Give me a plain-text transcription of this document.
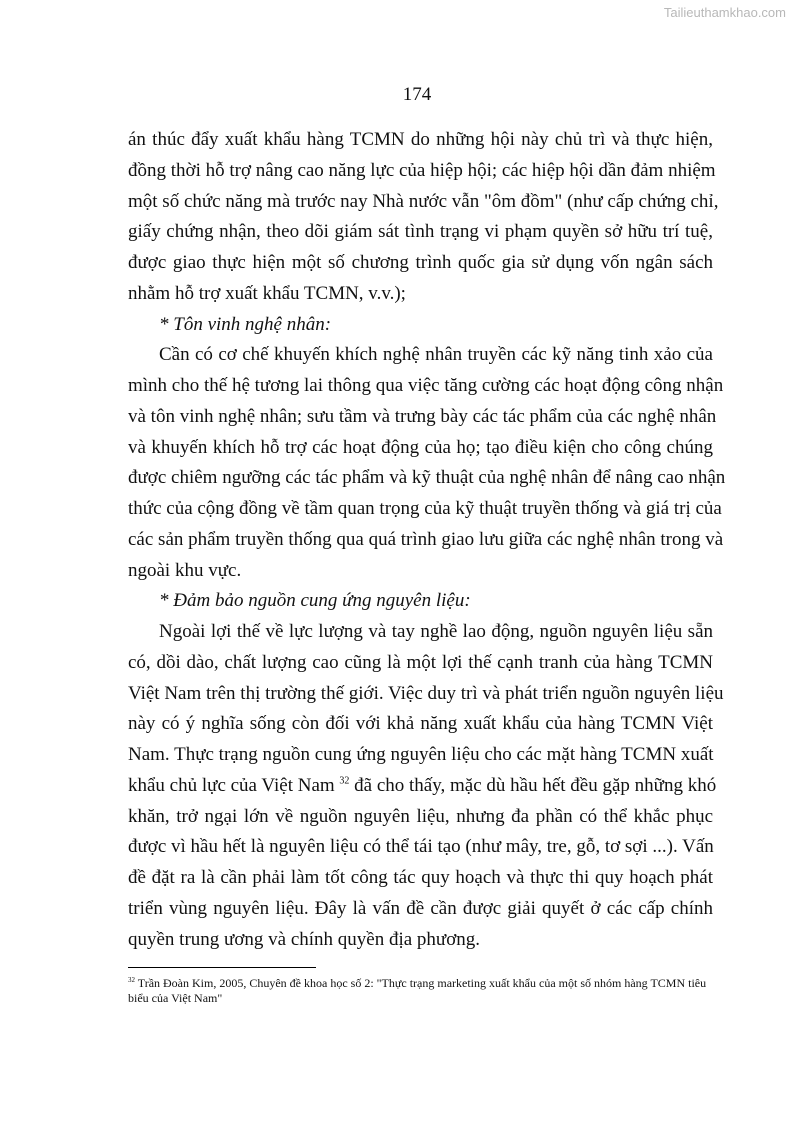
Tailieuthamkhao.com
174
án thúc đẩy xuất khẩu hàng TCMN do những hội này chủ trì và thực hiện,
đồng thời hỗ trợ nâng cao năng lực của hiệp hội; các hiệp hội dần đảm nhiệm
một số chức năng mà trước nay Nhà nước vẫn "ôm đồm" (như cấp chứng chỉ,
giấy chứng nhận, theo dõi giám sát tình trạng vi phạm quyền sở hữu trí tuệ,
được giao thực hiện một số chương trình quốc gia sử dụng vốn ngân sách
nhằm hỗ trợ xuất khẩu TCMN, v.v.);
* Tôn vinh nghệ nhân:
Cần có cơ chế khuyến khích nghệ nhân truyền các kỹ năng tinh xảo của
mình cho thế hệ tương lai thông qua việc tăng cường các hoạt động công nhận
và tôn vinh nghệ nhân; sưu tầm và trưng bày các tác phẩm của các nghệ nhân
và khuyến khích hỗ trợ các hoạt động của họ; tạo điều kiện cho công chúng
được chiêm ngưỡng các tác phẩm và kỹ thuật của nghệ nhân để nâng cao nhận
thức của cộng đồng về tầm quan trọng của kỹ thuật truyền thống và giá trị của
các sản phẩm truyền thống qua quá trình giao lưu giữa các nghệ nhân trong và
ngoài khu vực.
* Đảm bảo nguồn cung ứng nguyên liệu:
Ngoài lợi thế về lực lượng và tay nghề lao động, nguồn nguyên liệu sẵn
có, dồi dào, chất lượng cao cũng là một lợi thế cạnh tranh của hàng TCMN
Việt Nam trên thị trường thế giới. Việc duy trì và phát triển nguồn nguyên liệu
này có ý nghĩa sống còn đối với khả năng xuất khẩu của hàng TCMN Việt
Nam. Thực trạng nguồn cung ứng nguyên liệu cho các mặt hàng TCMN xuất
khẩu chủ lực của Việt Nam $^{32}$ đã cho thấy, mặc dù hầu hết đều gặp những khó
khăn, trở ngại lớn về nguồn nguyên liệu, nhưng đa phần có thể khắc phục
được vì hầu hết là nguyên liệu có thể tái tạo (như mây, tre, gỗ, tơ sợi ...). Vấn
đề đặt ra là cần phải làm tốt công tác quy hoạch và thực thi quy hoạch phát
triển vùng nguyên liệu. Đây là vấn đề cần được giải quyết ở các cấp chính
quyền trung ương và chính quyền địa phương.
$^{32}$ Trần Đoàn Kim, 2005, Chuyên đề khoa học số 2: "Thực trạng marketing xuất khẩu của một số nhóm hàng TCMN tiêu biểu của Việt Nam"
